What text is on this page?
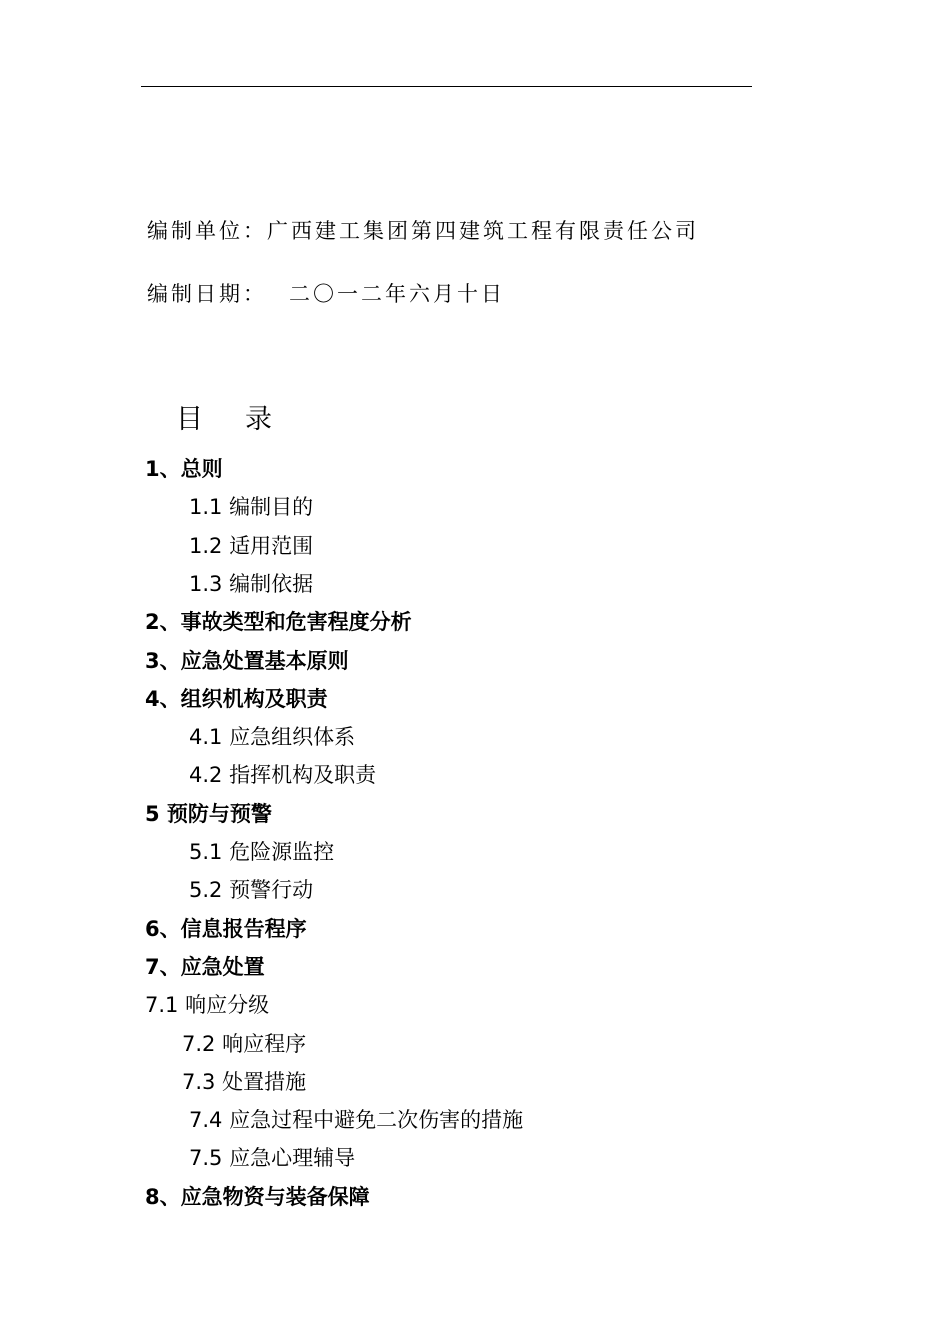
编制单位：广西建工集团第四建筑工程有限责任公司
编制日期： 二〇一二年六月十日
目 录
1、总则
1.1 编制目的
1.2 适用范围
1.3 编制依据
2、事故类型和危害程度分析
3、应急处置基本原则
4、组织机构及职责
4.1 应急组织体系
4.2 指挥机构及职责
5 预防与预警
5.1 危险源监控
5.2 预警行动
6、信息报告程序
7、应急处置
7.1 响应分级
7.2 响应程序
7.3 处置措施
7.4 应急过程中避免二次伤害的措施
7.5 应急心理辅导
8、应急物资与装备保障
